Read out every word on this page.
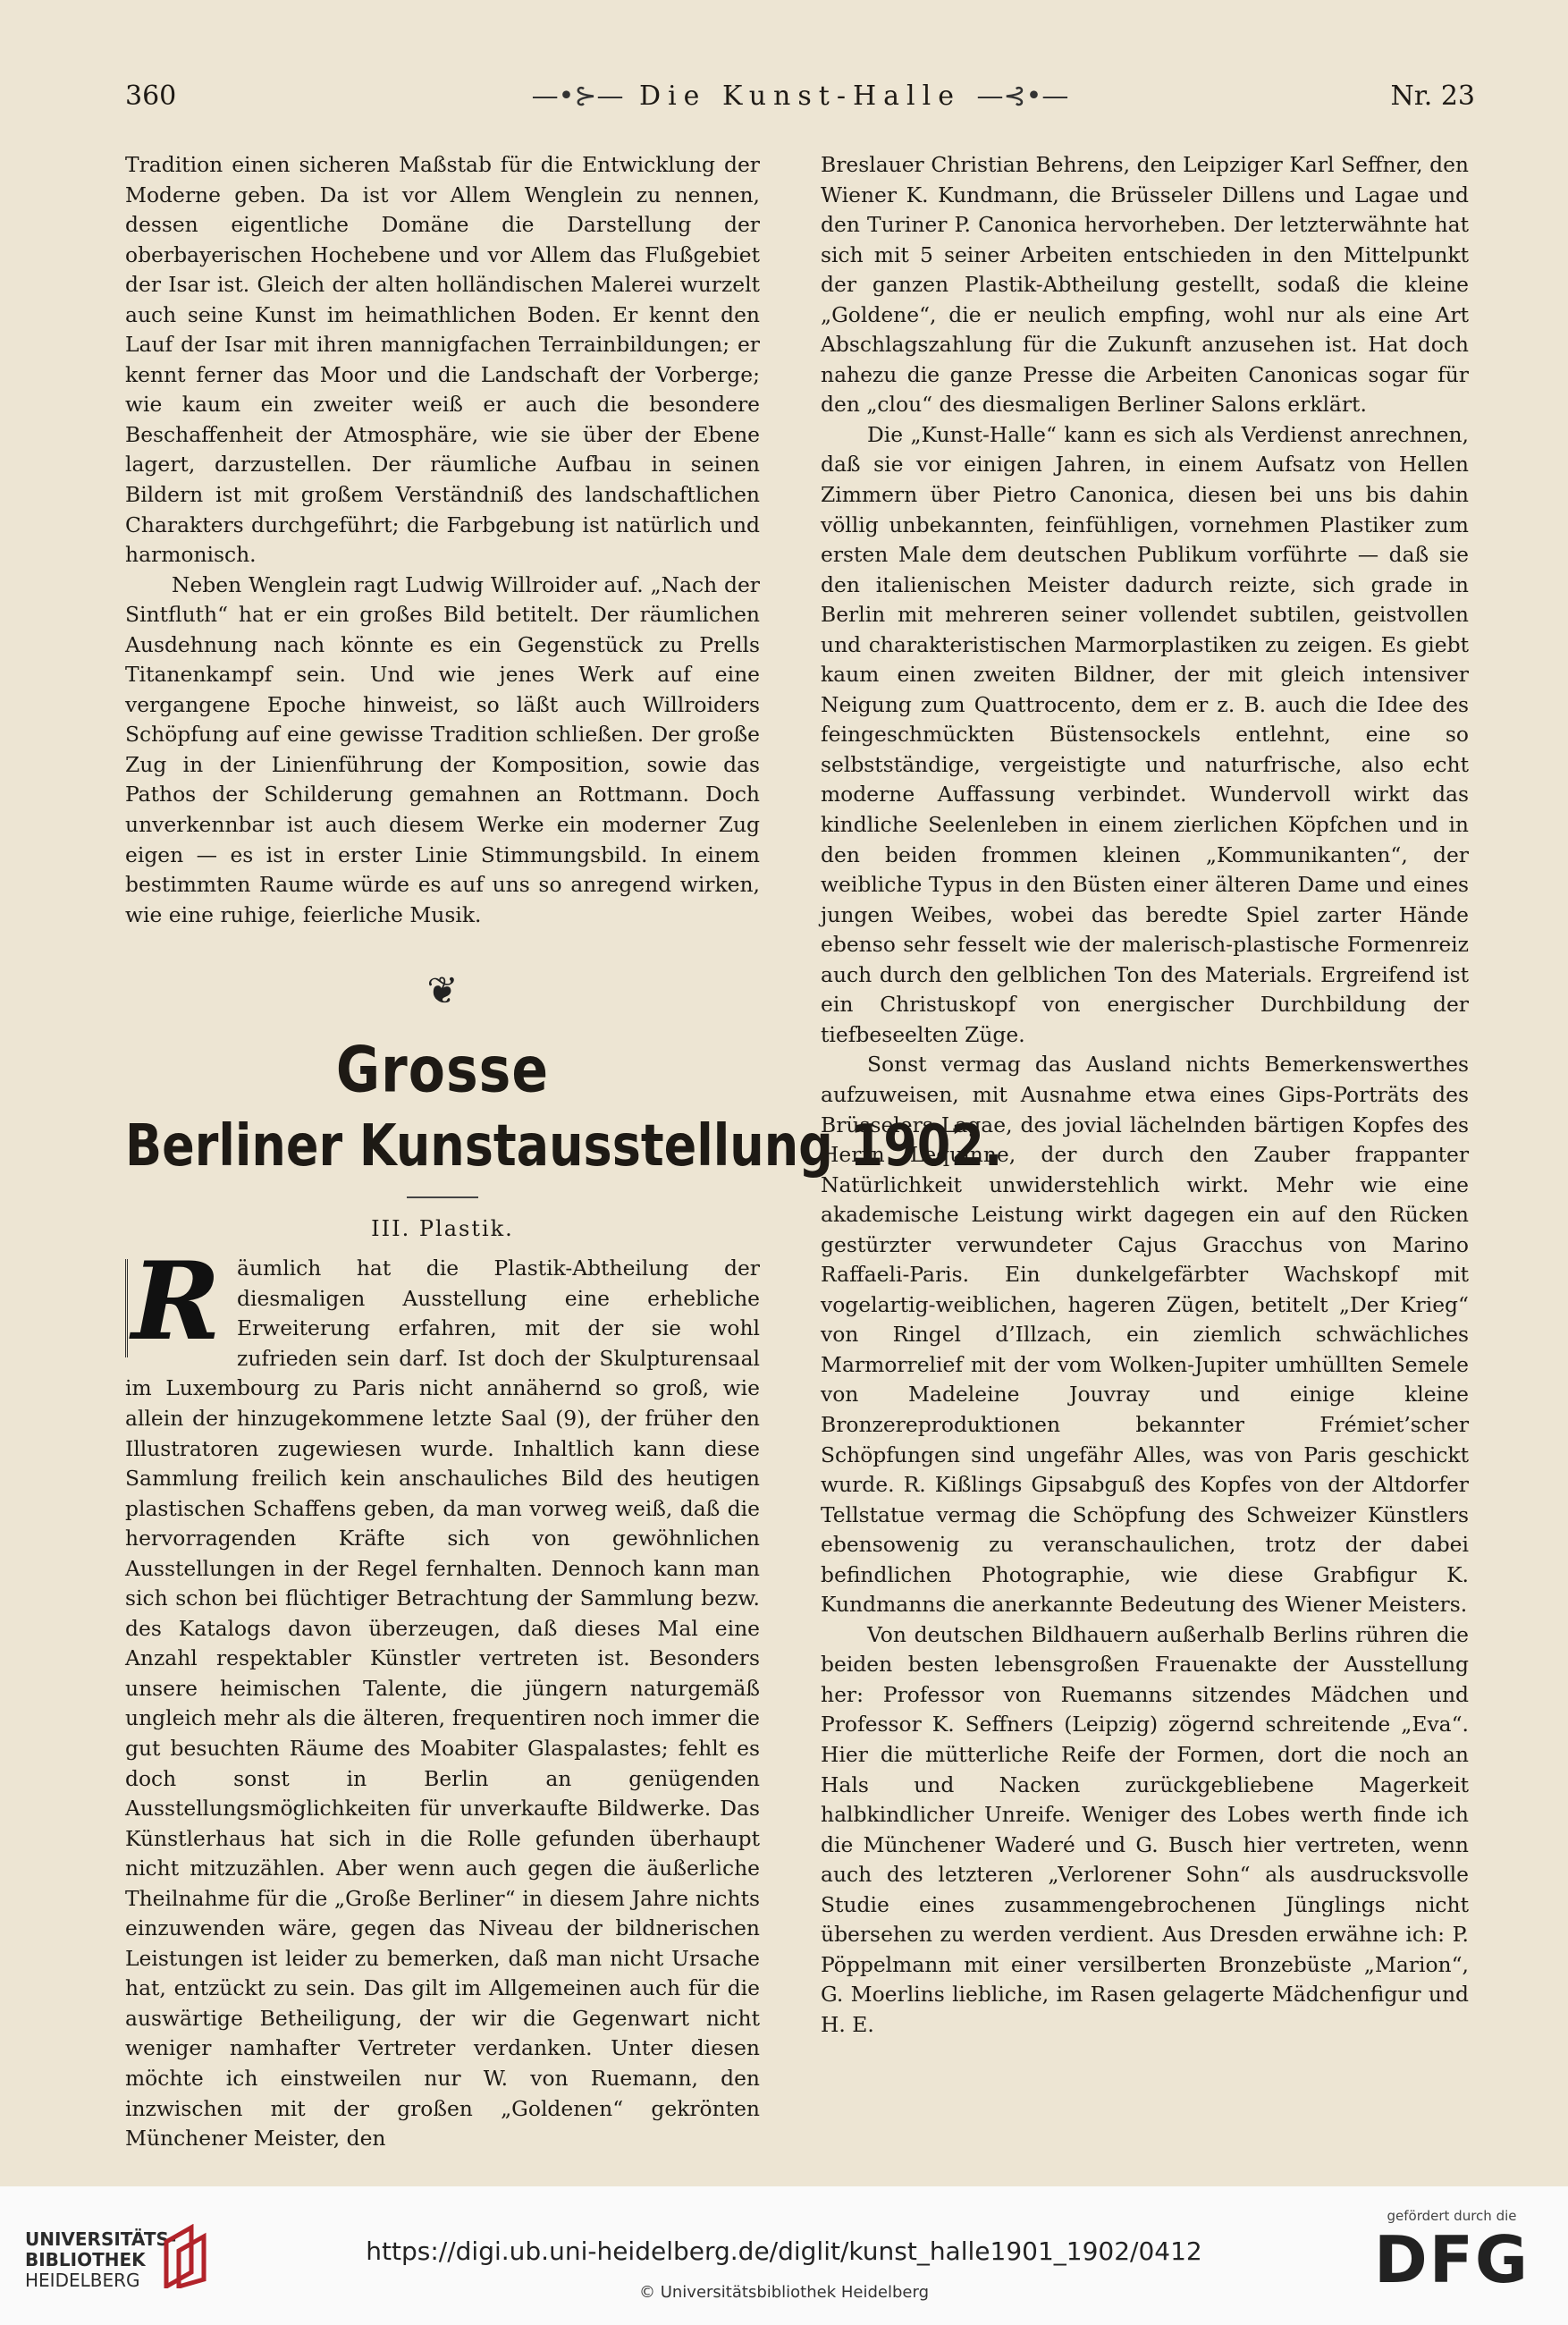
360	—•⊱— Die Kunst-Halle —⊰•—	Nr. 23

Tradition einen sicheren Maßstab für die Entwicklung der Moderne geben. Da ist vor Allem Wenglein zu nennen, dessen eigentliche Domäne die Darstellung der oberbayerischen Hochebene und vor Allem das Flußgebiet der Isar ist. Gleich der alten holländischen Malerei wurzelt auch seine Kunst im heimathlichen Boden. Er kennt den Lauf der Isar mit ihren mannigfachen Terrainbildungen; er kennt ferner das Moor und die Landschaft der Vorberge; wie kaum ein zweiter weiß er auch die besondere Beschaffenheit der Atmosphäre, wie sie über der Ebene lagert, darzustellen. Der räumliche Aufbau in seinen Bildern ist mit großem Verständniß des landschaftlichen Charakters durchgeführt; die Farbgebung ist natürlich und harmonisch.

Neben Wenglein ragt Ludwig Willroider auf. „Nach der Sintfluth“ hat er ein großes Bild betitelt. Der räumlichen Ausdehnung nach könnte es ein Gegenstück zu Prells Titanenkampf sein. Und wie jenes Werk auf eine vergangene Epoche hinweist, so läßt auch Willroiders Schöpfung auf eine gewisse Tradition schließen. Der große Zug in der Linienführung der Komposition, sowie das Pathos der Schilderung gemahnen an Rottmann. Doch unverkennbar ist auch diesem Werke ein moderner Zug eigen — es ist in erster Linie Stimmungsbild. In einem bestimmten Raume würde es auf uns so anregend wirken, wie eine ruhige, feierliche Musik.

❦
Grosse
Berliner Kunstausstellung 1902.
III. Plastik.

R äumlich hat die Plastik-Abtheilung der diesmaligen Ausstellung eine erhebliche Erweiterung erfahren, mit der sie wohl zufrieden sein darf. Ist doch der Skulpturensaal im Luxembourg zu Paris nicht annähernd so groß, wie allein der hinzugekommene letzte Saal (9), der früher den Illustratoren zugewiesen wurde. Inhaltlich kann diese Sammlung freilich kein anschauliches Bild des heutigen plastischen Schaffens geben, da man vorweg weiß, daß die hervorragenden Kräfte sich von gewöhnlichen Ausstellungen in der Regel fernhalten. Dennoch kann man sich schon bei flüchtiger Betrachtung der Sammlung bezw. des Katalogs davon überzeugen, daß dieses Mal eine Anzahl respektabler Künstler vertreten ist. Besonders unsere heimischen Talente, die jüngern naturgemäß ungleich mehr als die älteren, frequentiren noch immer die gut besuchten Räume des Moabiter Glaspalastes; fehlt es doch sonst in Berlin an genügenden Ausstellungsmöglichkeiten für unverkaufte Bildwerke. Das Künstlerhaus hat sich in die Rolle gefunden überhaupt nicht mitzuzählen. Aber wenn auch gegen die äußerliche Theilnahme für die „Große Berliner“ in diesem Jahre nichts einzuwenden wäre, gegen das Niveau der bildnerischen Leistungen ist leider zu bemerken, daß man nicht Ursache hat, entzückt zu sein. Das gilt im Allgemeinen auch für die auswärtige Betheiligung, der wir die Gegenwart nicht weniger namhafter Vertreter verdanken. Unter diesen möchte ich einstweilen nur W. von Ruemann, den inzwischen mit der großen „Goldenen“ gekrönten Münchener Meister, den

Breslauer Christian Behrens, den Leipziger Karl Seffner, den Wiener K. Kundmann, die Brüsseler Dillens und Lagae und den Turiner P. Canonica hervorheben. Der letzterwähnte hat sich mit 5 seiner Arbeiten entschieden in den Mittelpunkt der ganzen Plastik-Abtheilung gestellt, sodaß die kleine „Goldene“, die er neulich empfing, wohl nur als eine Art Abschlagszahlung für die Zukunft anzusehen ist. Hat doch nahezu die ganze Presse die Arbeiten Canonicas sogar für den „clou“ des diesmaligen Berliner Salons erklärt.

Die „Kunst-Halle“ kann es sich als Verdienst anrechnen, daß sie vor einigen Jahren, in einem Aufsatz von Hellen Zimmern über Pietro Canonica, diesen bei uns bis dahin völlig unbekannten, feinfühligen, vornehmen Plastiker zum ersten Male dem deutschen Publikum vorführte — daß sie den italienischen Meister dadurch reizte, sich grade in Berlin mit mehreren seiner vollendet subtilen, geistvollen und charakteristischen Marmorplastiken zu zeigen. Es giebt kaum einen zweiten Bildner, der mit gleich intensiver Neigung zum Quattrocento, dem er z. B. auch die Idee des feingeschmückten Büstensockels entlehnt, eine so selbstständige, vergeistigte und naturfrische, also echt moderne Auffassung verbindet. Wundervoll wirkt das kindliche Seelenleben in einem zierlichen Köpfchen und in den beiden frommen kleinen „Kommunikanten“, der weibliche Typus in den Büsten einer älteren Dame und eines jungen Weibes, wobei das beredte Spiel zarter Hände ebenso sehr fesselt wie der malerisch-plastische Formenreiz auch durch den gelblichen Ton des Materials. Ergreifend ist ein Christuskopf von energischer Durchbildung der tiefbeseelten Züge.

Sonst vermag das Ausland nichts Bemerkenswerthes aufzuweisen, mit Ausnahme etwa eines Gips-Porträts des Brüsselers Lagae, des jovial lächelnden bärtigen Kopfes des Herrn Lequinne, der durch den Zauber frappanter Natürlichkeit unwiderstehlich wirkt. Mehr wie eine akademische Leistung wirkt dagegen ein auf den Rücken gestürzter verwundeter Cajus Gracchus von Marino Raffaeli-Paris. Ein dunkelgefärbter Wachskopf mit vogelartig-weiblichen, hageren Zügen, betitelt „Der Krieg“ von Ringel d’Illzach, ein ziemlich schwächliches Marmorrelief mit der vom Wolken-Jupiter umhüllten Semele von Madeleine Jouvray und einige kleine Bronzereproduktionen bekannter Frémiet’scher Schöpfungen sind ungefähr Alles, was von Paris geschickt wurde. R. Kißlings Gipsabguß des Kopfes von der Altdorfer Tellstatue vermag die Schöpfung des Schweizer Künstlers ebensowenig zu veranschaulichen, trotz der dabei befindlichen Photographie, wie diese Grabfigur K. Kundmanns die anerkannte Bedeutung des Wiener Meisters.

Von deutschen Bildhauern außerhalb Berlins rühren die beiden besten lebensgroßen Frauenakte der Ausstellung her: Professor von Ruemanns sitzendes Mädchen und Professor K. Seffners (Leipzig) zögernd schreitende „Eva“. Hier die mütterliche Reife der Formen, dort die noch an Hals und Nacken zurückgebliebene Magerkeit halbkindlicher Unreife. Weniger des Lobes werth finde ich die Münchener Waderé und G. Busch hier vertreten, wenn auch des letzteren „Verlorener Sohn“ als ausdrucksvolle Studie eines zusammengebrochenen Jünglings nicht übersehen zu werden verdient. Aus Dresden erwähne ich: P. Pöppelmann mit einer versilberten Bronzebüste „Marion“, G. Moerlins liebliche, im Rasen gelagerte Mädchenfigur und H. E.

UNIVERSITÄTS-
BIBLIOTHEK
HEIDELBERG
https://digi.ub.uni-heidelberg.de/diglit/kunst_halle1901_1902/0412
© Universitätsbibliothek Heidelberg
gefördert durch die
DFG
